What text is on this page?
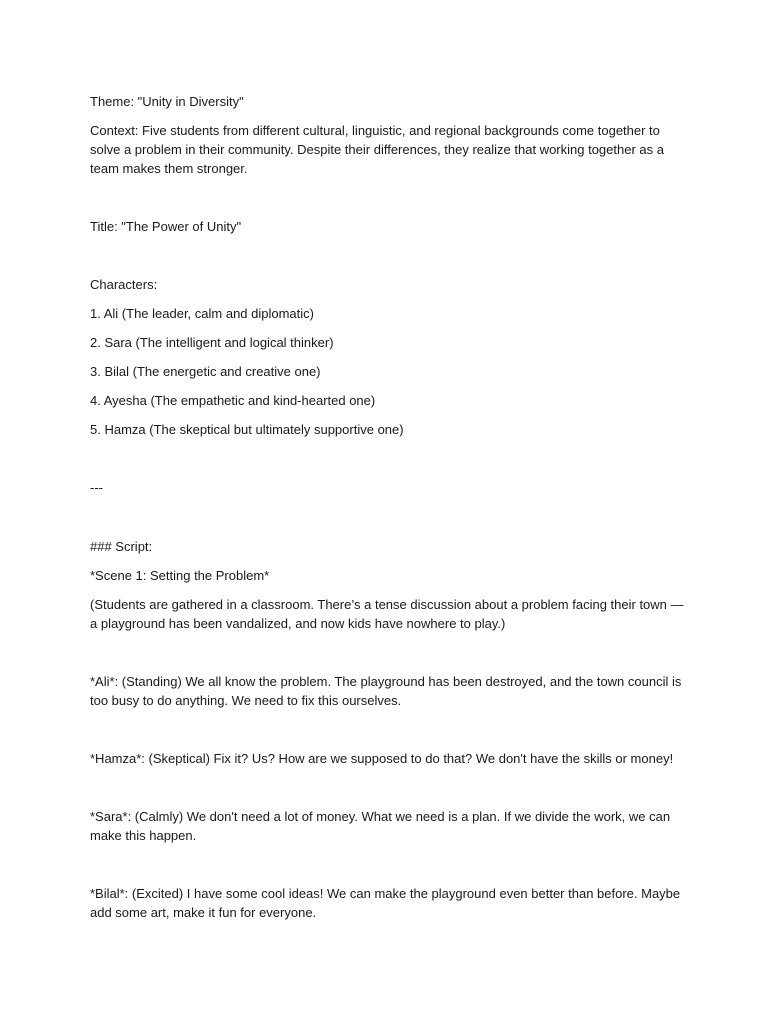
Theme: "Unity in Diversity"

Context: Five students from different cultural, linguistic, and regional backgrounds come together to solve a problem in their community. Despite their differences, they realize that working together as a team makes them stronger.

Title: "The Power of Unity"

Characters:

1. Ali (The leader, calm and diplomatic)

2. Sara (The intelligent and logical thinker)

3. Bilal (The energetic and creative one)

4. Ayesha (The empathetic and kind-hearted one)

5. Hamza (The skeptical but ultimately supportive one)

---

### Script:

*Scene 1: Setting the Problem*

(Students are gathered in a classroom. There’s a tense discussion about a problem facing their town — a playground has been vandalized, and now kids have nowhere to play.)

*Ali*: (Standing) We all know the problem. The playground has been destroyed, and the town council is too busy to do anything. We need to fix this ourselves.

*Hamza*: (Skeptical) Fix it? Us? How are we supposed to do that? We don't have the skills or money!

*Sara*: (Calmly) We don't need a lot of money. What we need is a plan. If we divide the work, we can make this happen.

*Bilal*: (Excited) I have some cool ideas! We can make the playground even better than before. Maybe add some art, make it fun for everyone.
